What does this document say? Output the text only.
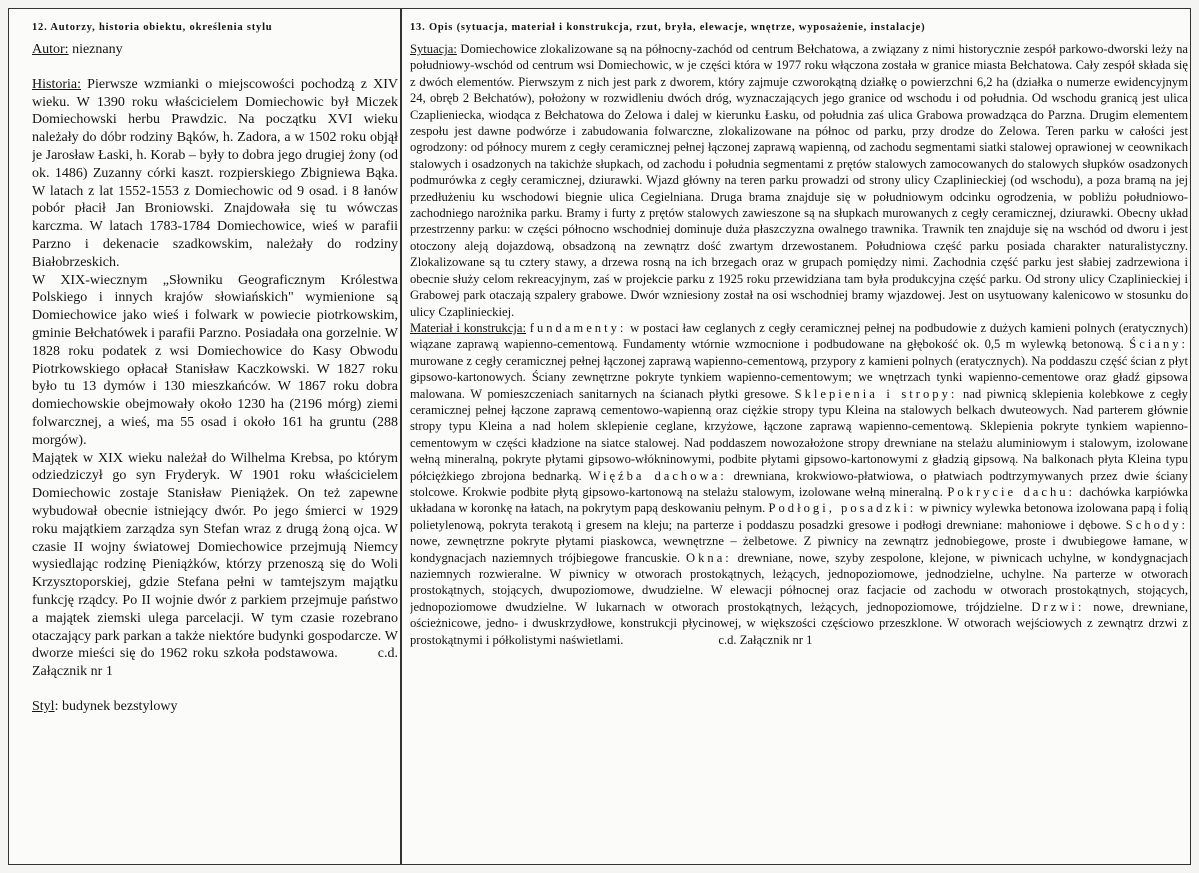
12. Autorzy, historia obiektu, określenia stylu

Autor: nieznany

Historia: Pierwsze wzmianki o miejscowości pochodzą z XIV wieku. W 1390 roku właścicielem Domiechowic był Miczek Domiechowski herbu Prawdzic. Na początku XVI wieku należały do dóbr rodziny Bąków, h. Zadora, a w 1502 roku objął je Jarosław Łaski, h. Korab – były to dobra jego drugiej żony (od ok. 1486) Zuzanny córki kaszt. rozpierskiego Zbigniewa Bąka. W latach z lat 1552-1553 z Domiechowic od 9 osad. i 8 łanów pobór płacił Jan Broniowski. Znajdowała się tu wówczas karczma. W latach 1783-1784 Domiechowice, wieś w parafii Parzno i dekenacie szadkowskim, należały do rodziny Białobrzeskich.

W XIX-wiecznym „Słowniku Geograficznym Królestwa Polskiego i innych krajów słowiańskich" wymienione są Domiechowice jako wieś i folwark w powiecie piotrkowskim, gminie Bełchatówek i parafii Parzno. Posiadała ona gorzelnie. W 1828 roku podatek z wsi Domiechowice do Kasy Obwodu Piotrkowskiego opłacał Stanisław Kaczkowski. W 1827 roku było tu 13 dymów i 130 mieszkańców. W 1867 roku dobra domiechowskie obejmowały około 1230 ha (2196 mórg) ziemi folwarcznej, a wieś, ma 55 osad i około 161 ha gruntu (288 morgów).

Majątek w XIX wieku należał do Wilhelma Krebsa, po którym odziedziczył go syn Fryderyk. W 1901 roku właścicielem Domiechowic zostaje Stanisław Pieniążek. On też zapewne wybudował obecnie istniejący dwór. Po jego śmierci w 1929 roku majątkiem zarządza syn Stefan wraz z drugą żoną ojca. W czasie II wojny światowej Domiechowice przejmują Niemcy wysiedlając rodzinę Pieniążków, którzy przenoszą się do Woli Krzysztoporskiej, gdzie Stefana pełni w tamtejszym majątku funkcję rządcy. Po II wojnie dwór z parkiem przejmuje państwo a majątek ziemski ulega parcelacji. W tym czasie rozebrano otaczający park parkan a także niektóre budynki gospodarcze. W dworze mieści się do 1962 roku szkoła podstawowa.	c.d. Załącznik nr 1

Styl: budynek bezstylowy

13. Opis (sytuacja, materiał i konstrukcja, rzut, bryła, elewacje, wnętrze, wyposażenie, instalacje)

Sytuacja: Domiechowice zlokalizowane są na północny-zachód od centrum Bełchatowa, a związany z nimi historycznie zespół parkowo-dworski leży na południowy-wschód od centrum wsi Domiechowic, w je części która w 1977 roku włączona została w granice miasta Bełchatowa. Cały zespół składa się z dwóch elementów. Pierwszym z nich jest park z dworem, który zajmuje czworokątną działkę o powierzchni 6,2 ha (działka o numerze ewidencyjnym 24, obręb 2 Bełchatów), położony w rozwidleniu dwóch dróg, wyznaczających jego granice od wschodu i od południa. Od wschodu granicą jest ulica Czaplieniecka, wiodąca z Bełchatowa do Zelowa i dalej w kierunku Łasku, od południa zaś ulica Grabowa prowadząca do Parzna. Drugim elementem zespołu jest dawne podwórze i zabudowania folwarczne, zlokalizowane na północ od parku, przy drodze do Zelowa. Teren parku w całości jest ogrodzony: od północy murem z cegły ceramicznej pełnej łączonej zaprawą wapienną, od zachodu segmentami siatki stalowej oprawionej w ceownikach stalowych i osadzonych na takichże słupkach, od zachodu i południa segmentami z prętów stalowych zamocowanych do stalowych słupków osadzonych podmurówka z cegły ceramicznej, dziurawki. Wjazd główny na teren parku prowadzi od strony ulicy Czaplinieckiej (od wschodu), a poza bramą na jej przedłużeniu ku wschodowi biegnie ulica Cegielniana. Druga brama znajduje się w południowym odcinku ogrodzenia, w pobliżu południowo-zachodniego narożnika parku. Bramy i furty z prętów stalowych zawieszone są na słupkach murowanych z cegły ceramicznej, dziurawki. Obecny układ przestrzenny parku: w części północno wschodniej dominuje duża płaszczyzna owalnego trawnika. Trawnik ten znajduje się na wschód od dworu i jest otoczony aleją dojazdową, obsadzoną na zewnątrz dość zwartym drzewostanem. Południowa część parku posiada charakter naturalistyczny. Zlokalizowane są tu cztery stawy, a drzewa rosną na ich brzegach oraz w grupach pomiędzy nimi. Zachodnia część parku jest słabiej zadrzewiona i obecnie służy celom rekreacyjnym, zaś w projekcie parku z 1925 roku przewidziana tam była produkcyjna część parku. Od strony ulicy Czaplinieckiej i Grabowej park otaczają szpalery grabowe. Dwór wzniesiony został na osi wschodniej bramy wjazdowej. Jest on usytuowany kalenicowo w stosunku do ulicy Czaplinieckiej.

Materiał i konstrukcja: fundamenty: w postaci ław ceglanych z cegły ceramicznej pełnej na podbudowie z dużych kamieni polnych (eratycznych) wiązane zaprawą wapienno-cementową. Fundamenty wtórnie wzmocnione i podbudowane na głębokość ok. 0,5 m wylewką betonową. Ściany: murowane z cegły ceramicznej pełnej łączonej zaprawą wapienno-cementową, przypory z kamieni polnych (eratycznych). Na poddaszu część ścian z płyt gipsowo-kartonowych. Ściany zewnętrzne pokryte tynkiem wapienno-cementowym; we wnętrzach tynki wapienno-cementowe oraz gładź gipsowa malowana. W pomieszczeniach sanitarnych na ścianach płytki gresowe. Sklepienia i stropy: nad piwnicą sklepienia kolebkowe z cegły ceramicznej pełnej łączone zaprawą cementowo-wapienną oraz ciężkie stropy typu Kleina na stalowych belkach dwuteowych. Nad parterem głównie stropy typu Kleina a nad holem sklepienie ceglane, krzyżowe, łączone zaprawą wapienno-cementową. Sklepienia pokryte tynkiem wapienno-cementowym w części kładzione na siatce stalowej. Nad poddaszem nowozałożone stropy drewniane na stelażu aluminiowym i stalowym, izolowane wełną mineralną, pokryte płytami gipsowo-włókninowymi, podbite płytami gipsowo-kartonowymi z gładzią gipsową. Na balkonach płyta Kleina typu półciężkiego zbrojona bednarką. Więźba dachowa: drewniana, krokwiowo-płatwiowa, o płatwiach podtrzymywanych przez dwie ściany stolcowe. Krokwie podbite płytą gipsowo-kartonową na stelażu stalowym, izolowane wełną mineralną. Pokrycie dachu: dachówka karpiówka układana w koronkę na łatach, na pokrytym papą deskowaniu pełnym. Podłogi, posadzki: w piwnicy wylewka betonowa izolowana papą i folią polietylenową, pokryta terakotą i gresem na kleju; na parterze i poddaszu posadzki gresowe i podłogi drewniane: mahoniowe i dębowe. Schody: nowe, zewnętrzne pokryte płytami piaskowca, wewnętrzne – żelbetowe. Z piwnicy na zewnątrz jednobiegowe, proste i dwubiegowe łamane, w kondygnacjach naziemnych trójbiegowe francuskie. Okna: drewniane, nowe, szyby zespolone, klejone, w piwnicach uchylne, w kondygnacjach naziemnych rozwieralne. W piwnicy w otworach prostokątnych, leżących, jednopoziomowe, jednodzielne, uchylne. Na parterze w otworach prostokątnych, stojących, dwupoziomowe, dwudzielne. W elewacji północnej oraz facjacie od zachodu w otworach prostokątnych, stojących, jednopoziomowe dwudzielne. W lukarnach w otworach prostokątnych, leżących, jednopoziomowe, trójdzielne. Drzwi: nowe, drewniane, ościeżnicowe, jedno- i dwuskrzydłowe, konstrukcji płycinowej, w większości częściowo przeszklone. W otworach wejściowych z zewnątrz drzwi z prostokątnymi i półkolistymi naświetlami.	c.d. Załącznik nr 1
